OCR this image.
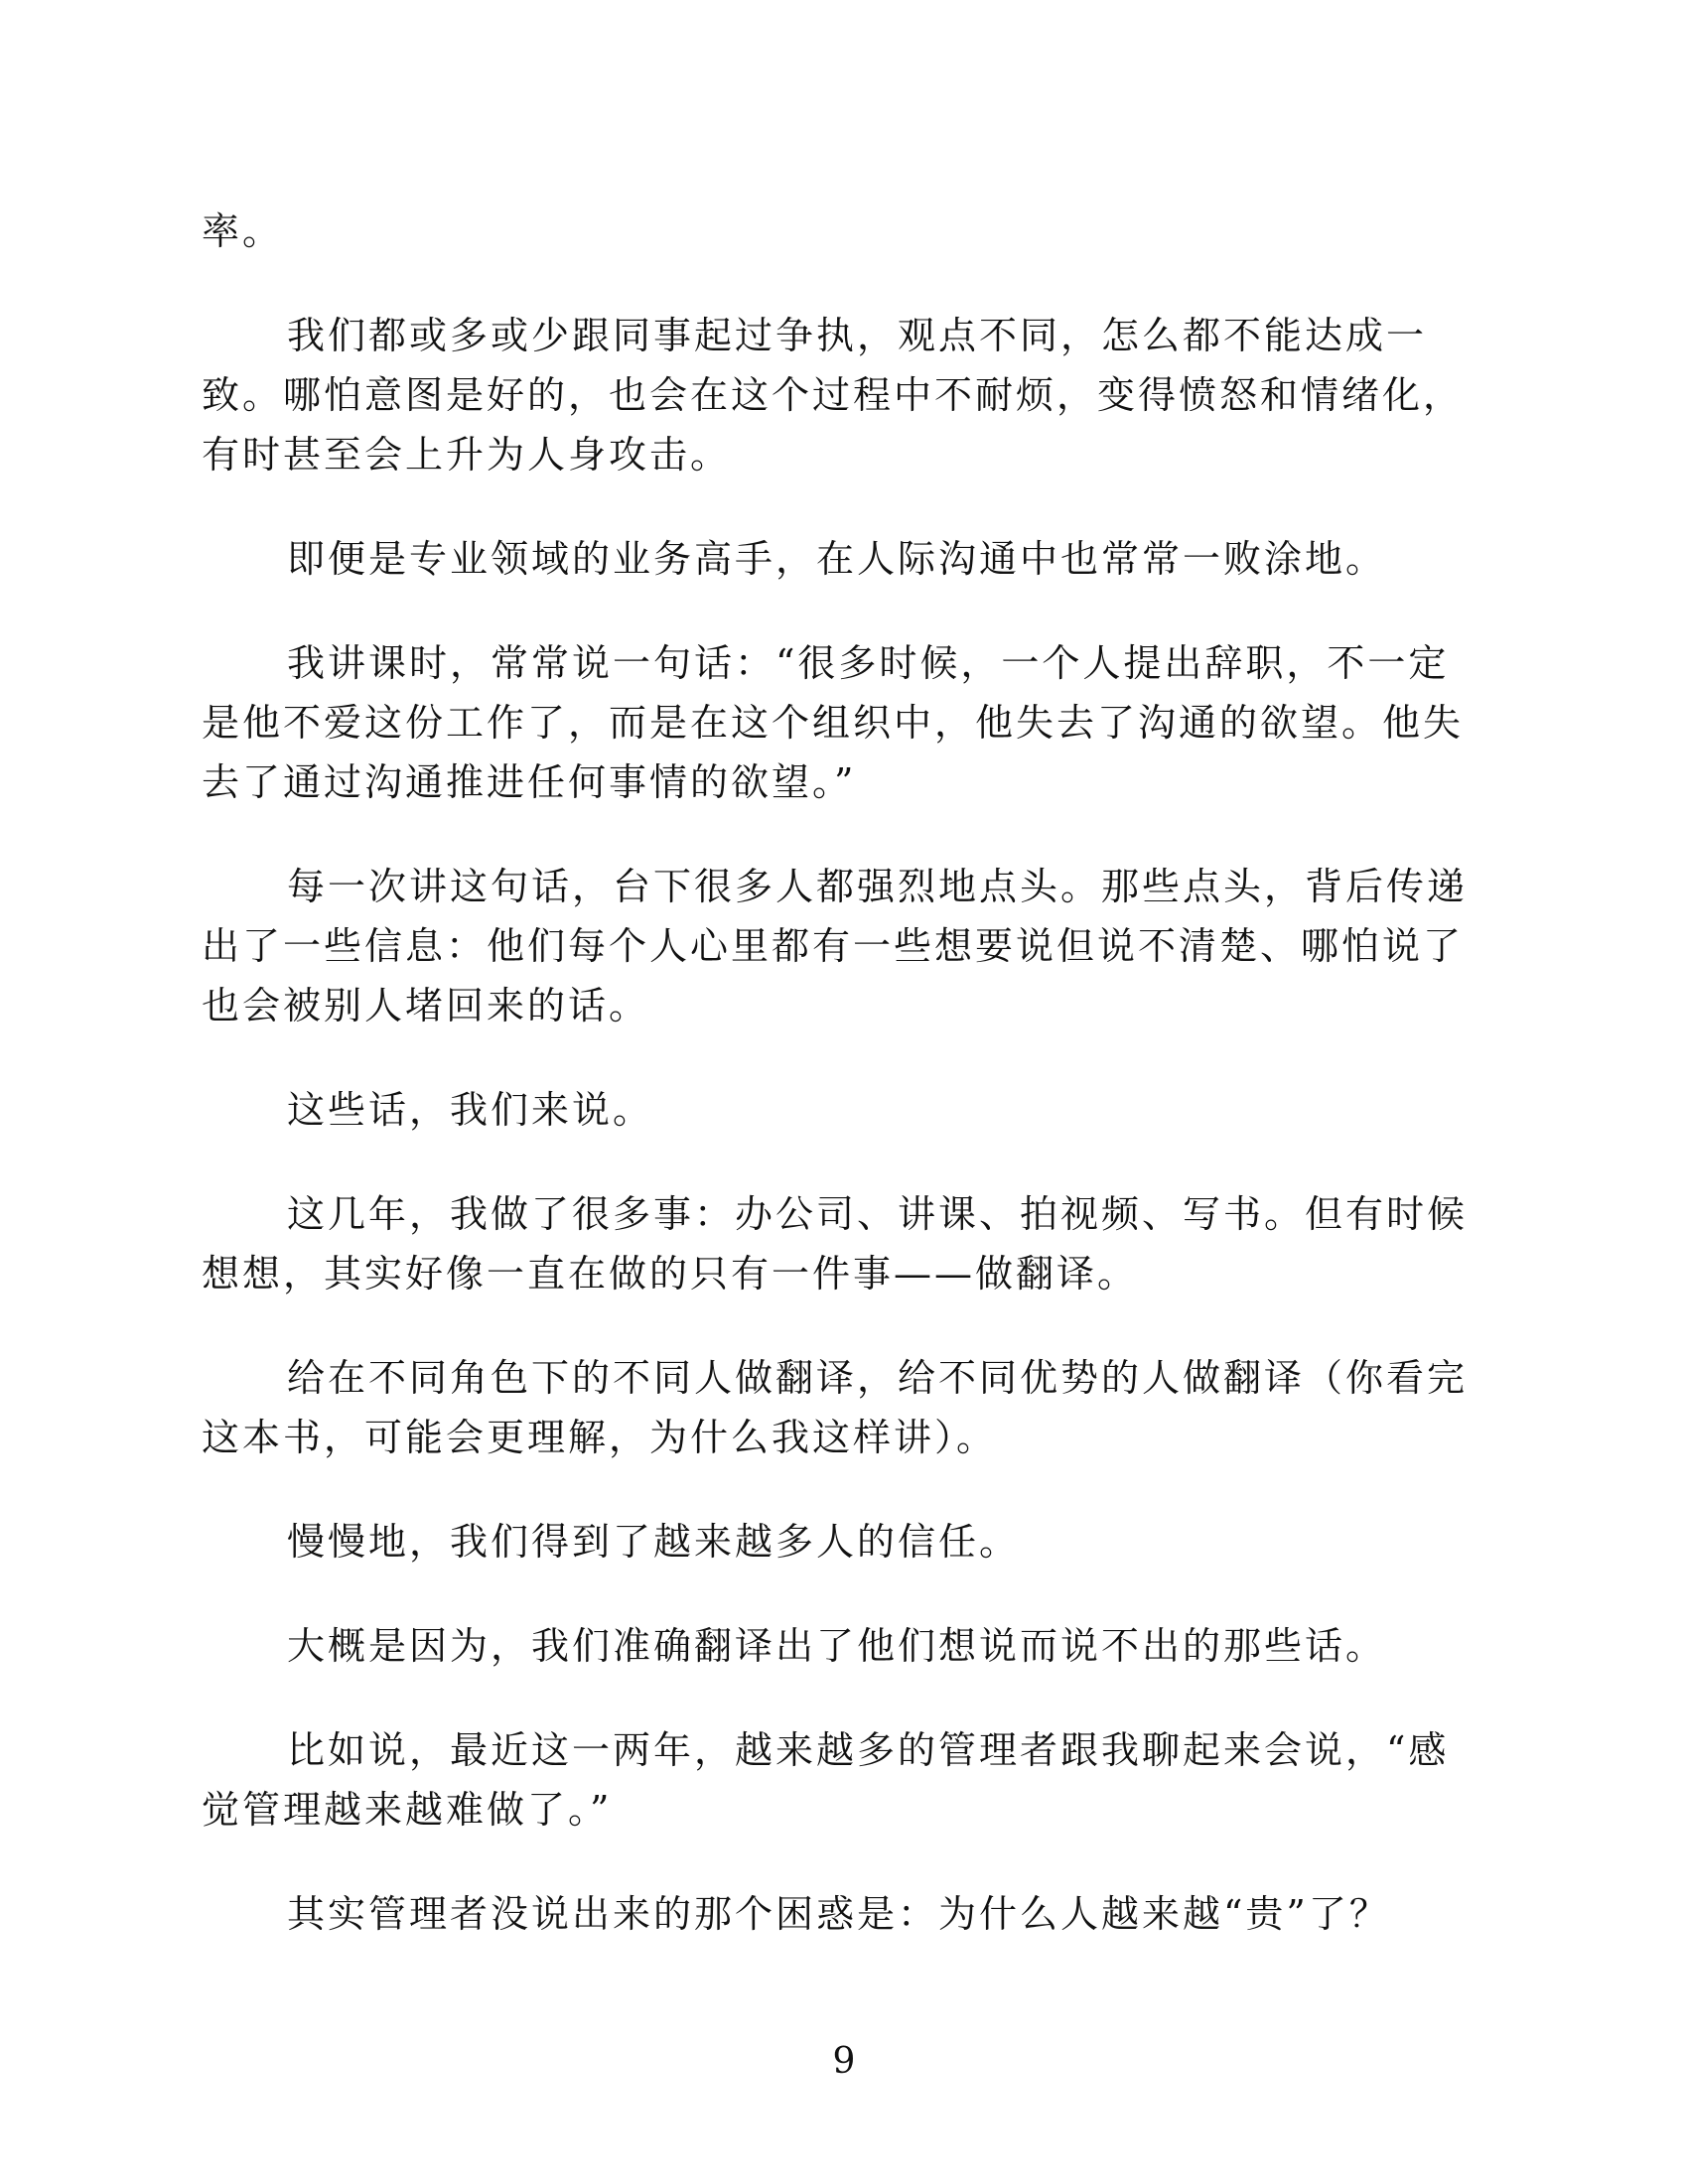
率。
我们都或多或少跟同事起过争执，观点不同，怎么都不能达成一
致。哪怕意图是好的，也会在这个过程中不耐烦，变得愤怒和情绪化，
有时甚至会上升为人身攻击。
即便是专业领域的业务高手，在人际沟通中也常常一败涂地。
我讲课时，常常说一句话：“很多时候，一个人提出辞职，不一定
是他不爱这份工作了，而是在这个组织中，他失去了沟通的欲望。他失
去了通过沟通推进任何事情的欲望。”
每一次讲这句话，台下很多人都强烈地点头。那些点头，背后传递
出了一些信息：他们每个人心里都有一些想要说但说不清楚、哪怕说了
也会被别人堵回来的话。
这些话，我们来说。
这几年，我做了很多事：办公司、讲课、拍视频、写书。但有时候
想想，其实好像一直在做的只有一件事——做翻译。
给在不同角色下的不同人做翻译，给不同优势的人做翻译（你看完
这本书，可能会更理解，为什么我这样讲）。
慢慢地，我们得到了越来越多人的信任。
大概是因为，我们准确翻译出了他们想说而说不出的那些话。
比如说，最近这一两年，越来越多的管理者跟我聊起来会说，“感
觉管理越来越难做了。”
其实管理者没说出来的那个困惑是：为什么人越来越“贵”了？
9
